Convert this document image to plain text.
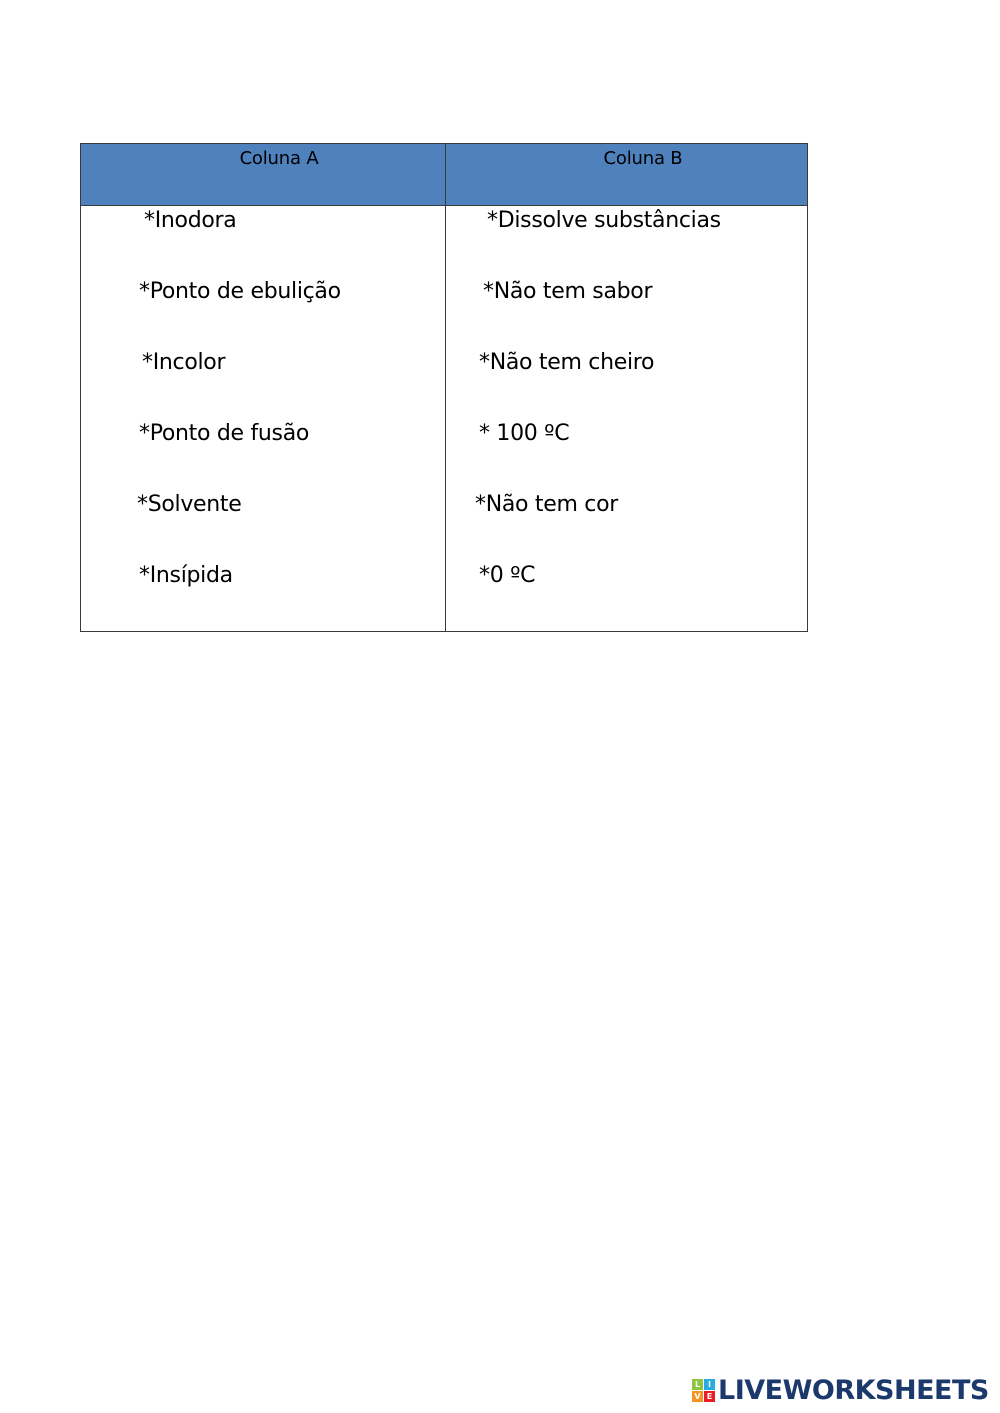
Coluna A	Coluna B
*Inodora
*Ponto de ebulição
*Incolor
*Ponto de fusão
*Solvente
*Insípida
*Dissolve substâncias
*Não tem sabor
*Não tem cheiro
* 100 ºC
*Não tem cor
*0 ºC
L I
V E LIVEWORKSHEETS
